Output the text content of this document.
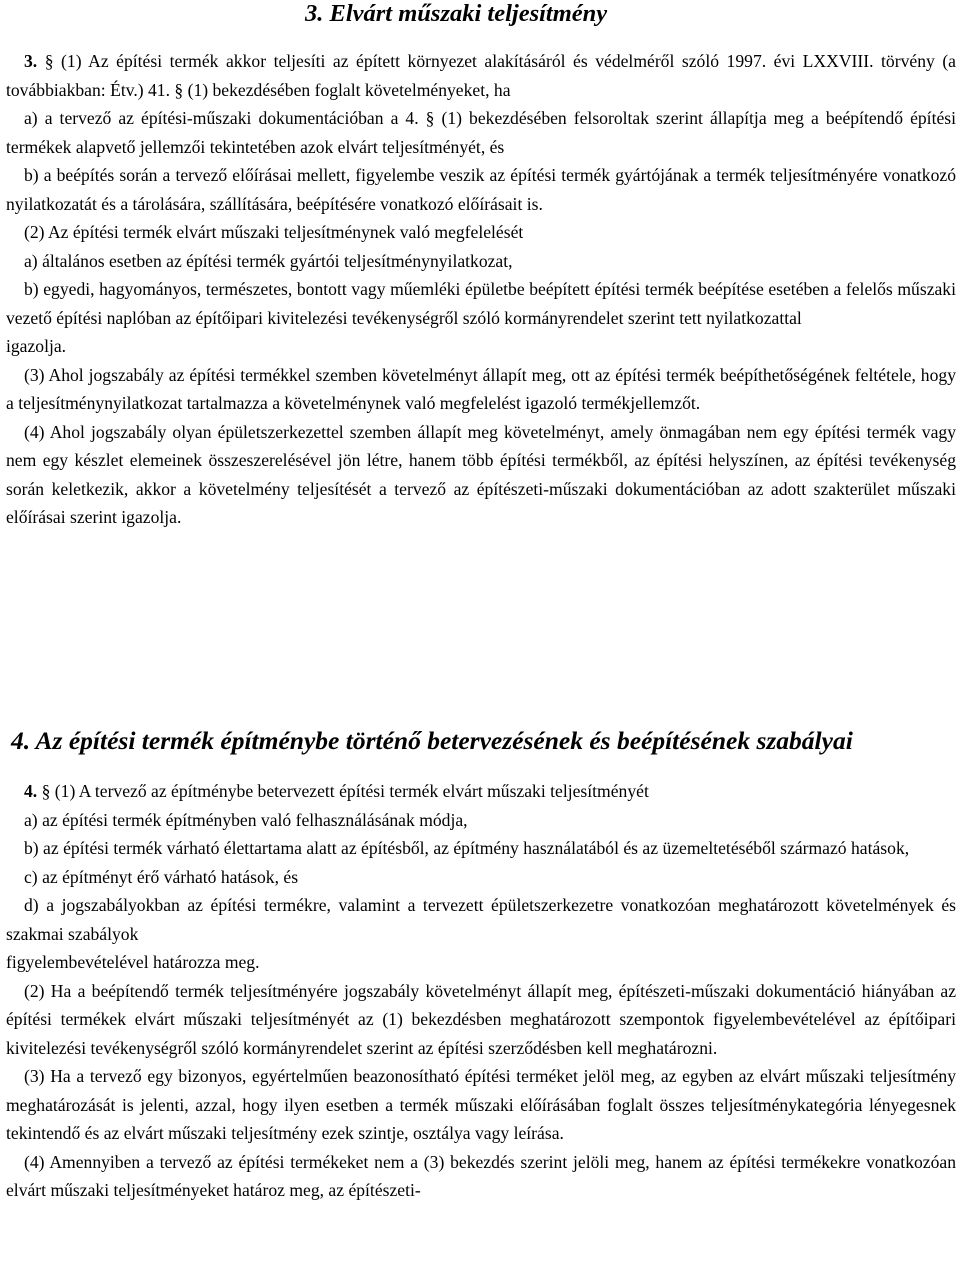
3. Elvárt műszaki teljesítmény

3. § (1) Az építési termék akkor teljesíti az épített környezet alakításáról és védelméről szóló 1997. évi LXXVIII. törvény (a továbbiakban: Étv.) 41. § (1) bekezdésében foglalt követelményeket, ha

a) a tervező az építési-műszaki dokumentációban a 4. § (1) bekezdésében felsoroltak szerint állapítja meg a beépítendő építési termékek alapvető jellemzői tekintetében azok elvárt teljesítményét, és

b) a beépítés során a tervező előírásai mellett, figyelembe veszik az építési termék gyártójának a termék teljesítményére vonatkozó nyilatkozatát és a tárolására, szállítására, beépítésére vonatkozó előírásait is.

(2) Az építési termék elvárt műszaki teljesítménynek való megfelelését

a) általános esetben az építési termék gyártói teljesítménynyilatkozat,

b) egyedi, hagyományos, természetes, bontott vagy műemléki épületbe beépített építési termék beépítése esetében a felelős műszaki vezető építési naplóban az építőipari kivitelezési tevékenységről szóló kormányrendelet szerint tett nyilatkozattal

igazolja.

(3) Ahol jogszabály az építési termékkel szemben követelményt állapít meg, ott az építési termék beépíthetőségének feltétele, hogy a teljesítménynyilatkozat tartalmazza a követelménynek való megfelelést igazoló termékjellemzőt.

(4) Ahol jogszabály olyan épületszerkezettel szemben állapít meg követelményt, amely önmagában nem egy építési termék vagy nem egy készlet elemeinek összeszerelésével jön létre, hanem több építési termékből, az építési helyszínen, az építési tevékenység során keletkezik, akkor a követelmény teljesítését a tervező az építészeti-műszaki dokumentációban az adott szakterület műszaki előírásai szerint igazolja.

4. Az építési termék építménybe történő betervezésének és beépítésének szabályai

4. § (1) A tervező az építménybe betervezett építési termék elvárt műszaki teljesítményét

a) az építési termék építményben való felhasználásának módja,

b) az építési termék várható élettartama alatt az építésből, az építmény használatából és az üzemeltetéséből származó hatások,

c) az építményt érő várható hatások, és

d) a jogszabályokban az építési termékre, valamint a tervezett épületszerkezetre vonatkozóan meghatározott követelmények és szakmai szabályok

figyelembevételével határozza meg.

(2) Ha a beépítendő termék teljesítményére jogszabály követelményt állapít meg, építészeti-műszaki dokumentáció hiányában az építési termékek elvárt műszaki teljesítményét az (1) bekezdésben meghatározott szempontok figyelembevételével az építőipari kivitelezési tevékenységről szóló kormányrendelet szerint az építési szerződésben kell meghatározni.

(3) Ha a tervező egy bizonyos, egyértelműen beazonosítható építési terméket jelöl meg, az egyben az elvárt műszaki teljesítmény meghatározását is jelenti, azzal, hogy ilyen esetben a termék műszaki előírásában foglalt összes teljesítménykategória lényegesnek tekintendő és az elvárt műszaki teljesítmény ezek szintje, osztálya vagy leírása.

(4) Amennyiben a tervező az építési termékeket nem a (3) bekezdés szerint jelöli meg, hanem az építési termékekre vonatkozóan elvárt műszaki teljesítményeket határoz meg, az építészeti-
